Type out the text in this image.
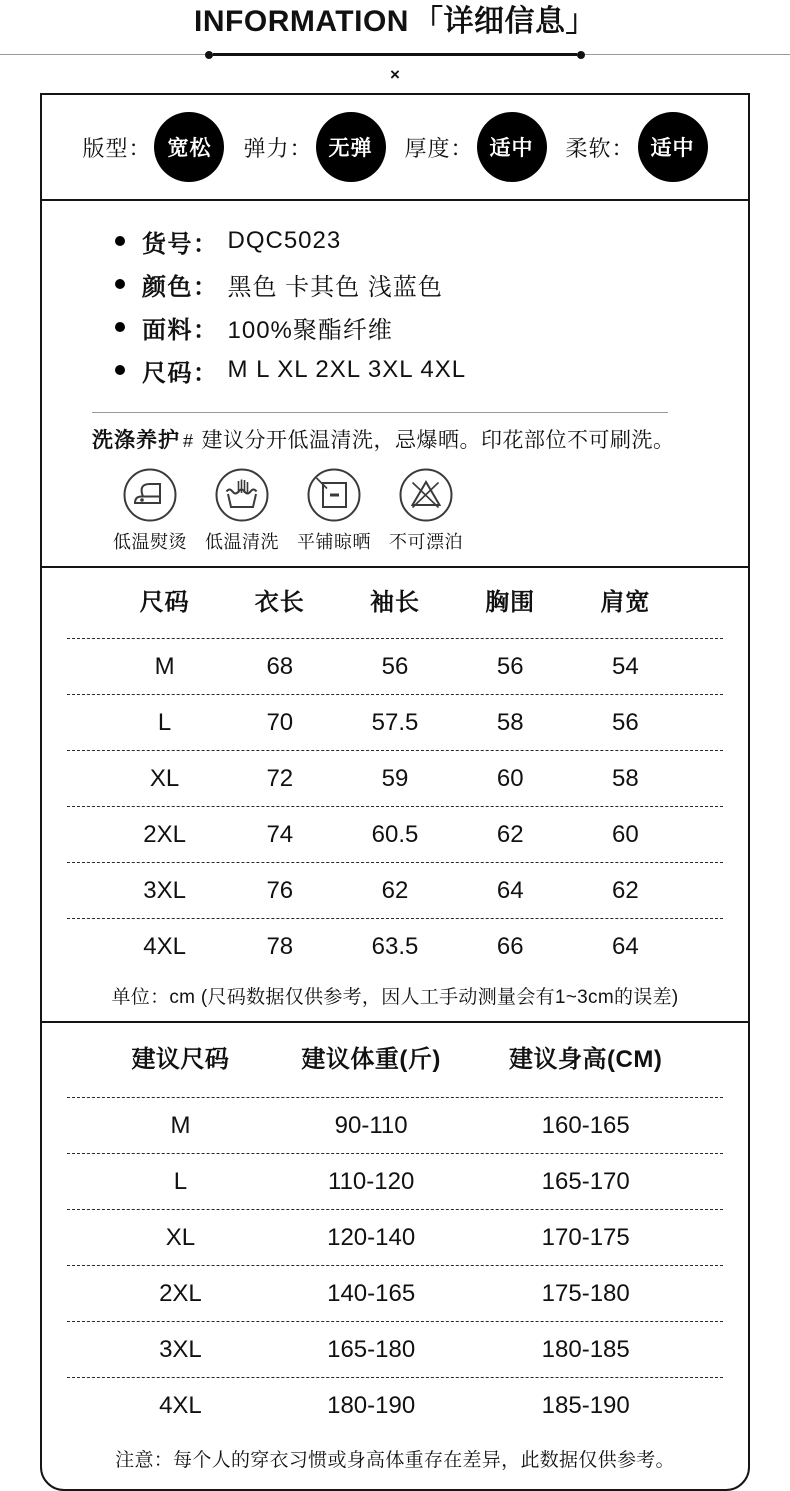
INFORMATION 「详细信息」
×
版型： 宽松	弹力： 无弹	厚度： 适中	柔软： 适中
货号： DQC5023
颜色： 黑色 卡其色 浅蓝色
面料： 100%聚酯纤维
尺码： M L XL 2XL 3XL 4XL
洗涤养护 # 建议分开低温清洗，忌爆晒。印花部位不可刷洗。
低温熨烫 低温清洗 平铺晾晒 不可漂泊
尺码	衣长	袖长	胸围	肩宽
M	68	56	56	54
L	70	57.5	58	56
XL	72	59	60	58
2XL	74	60.5	62	60
3XL	76	62	64	62
4XL	78	63.5	66	64
单位：cm (尺码数据仅供参考，因人工手动测量会有1~3cm的误差)
建议尺码	建议体重(斤)	建议身高(CM)
M	90-110	160-165
L	110-120	165-170
XL	120-140	170-175
2XL	140-165	175-180
3XL	165-180	180-185
4XL	180-190	185-190
注意：每个人的穿衣习惯或身高体重存在差异，此数据仅供参考。
